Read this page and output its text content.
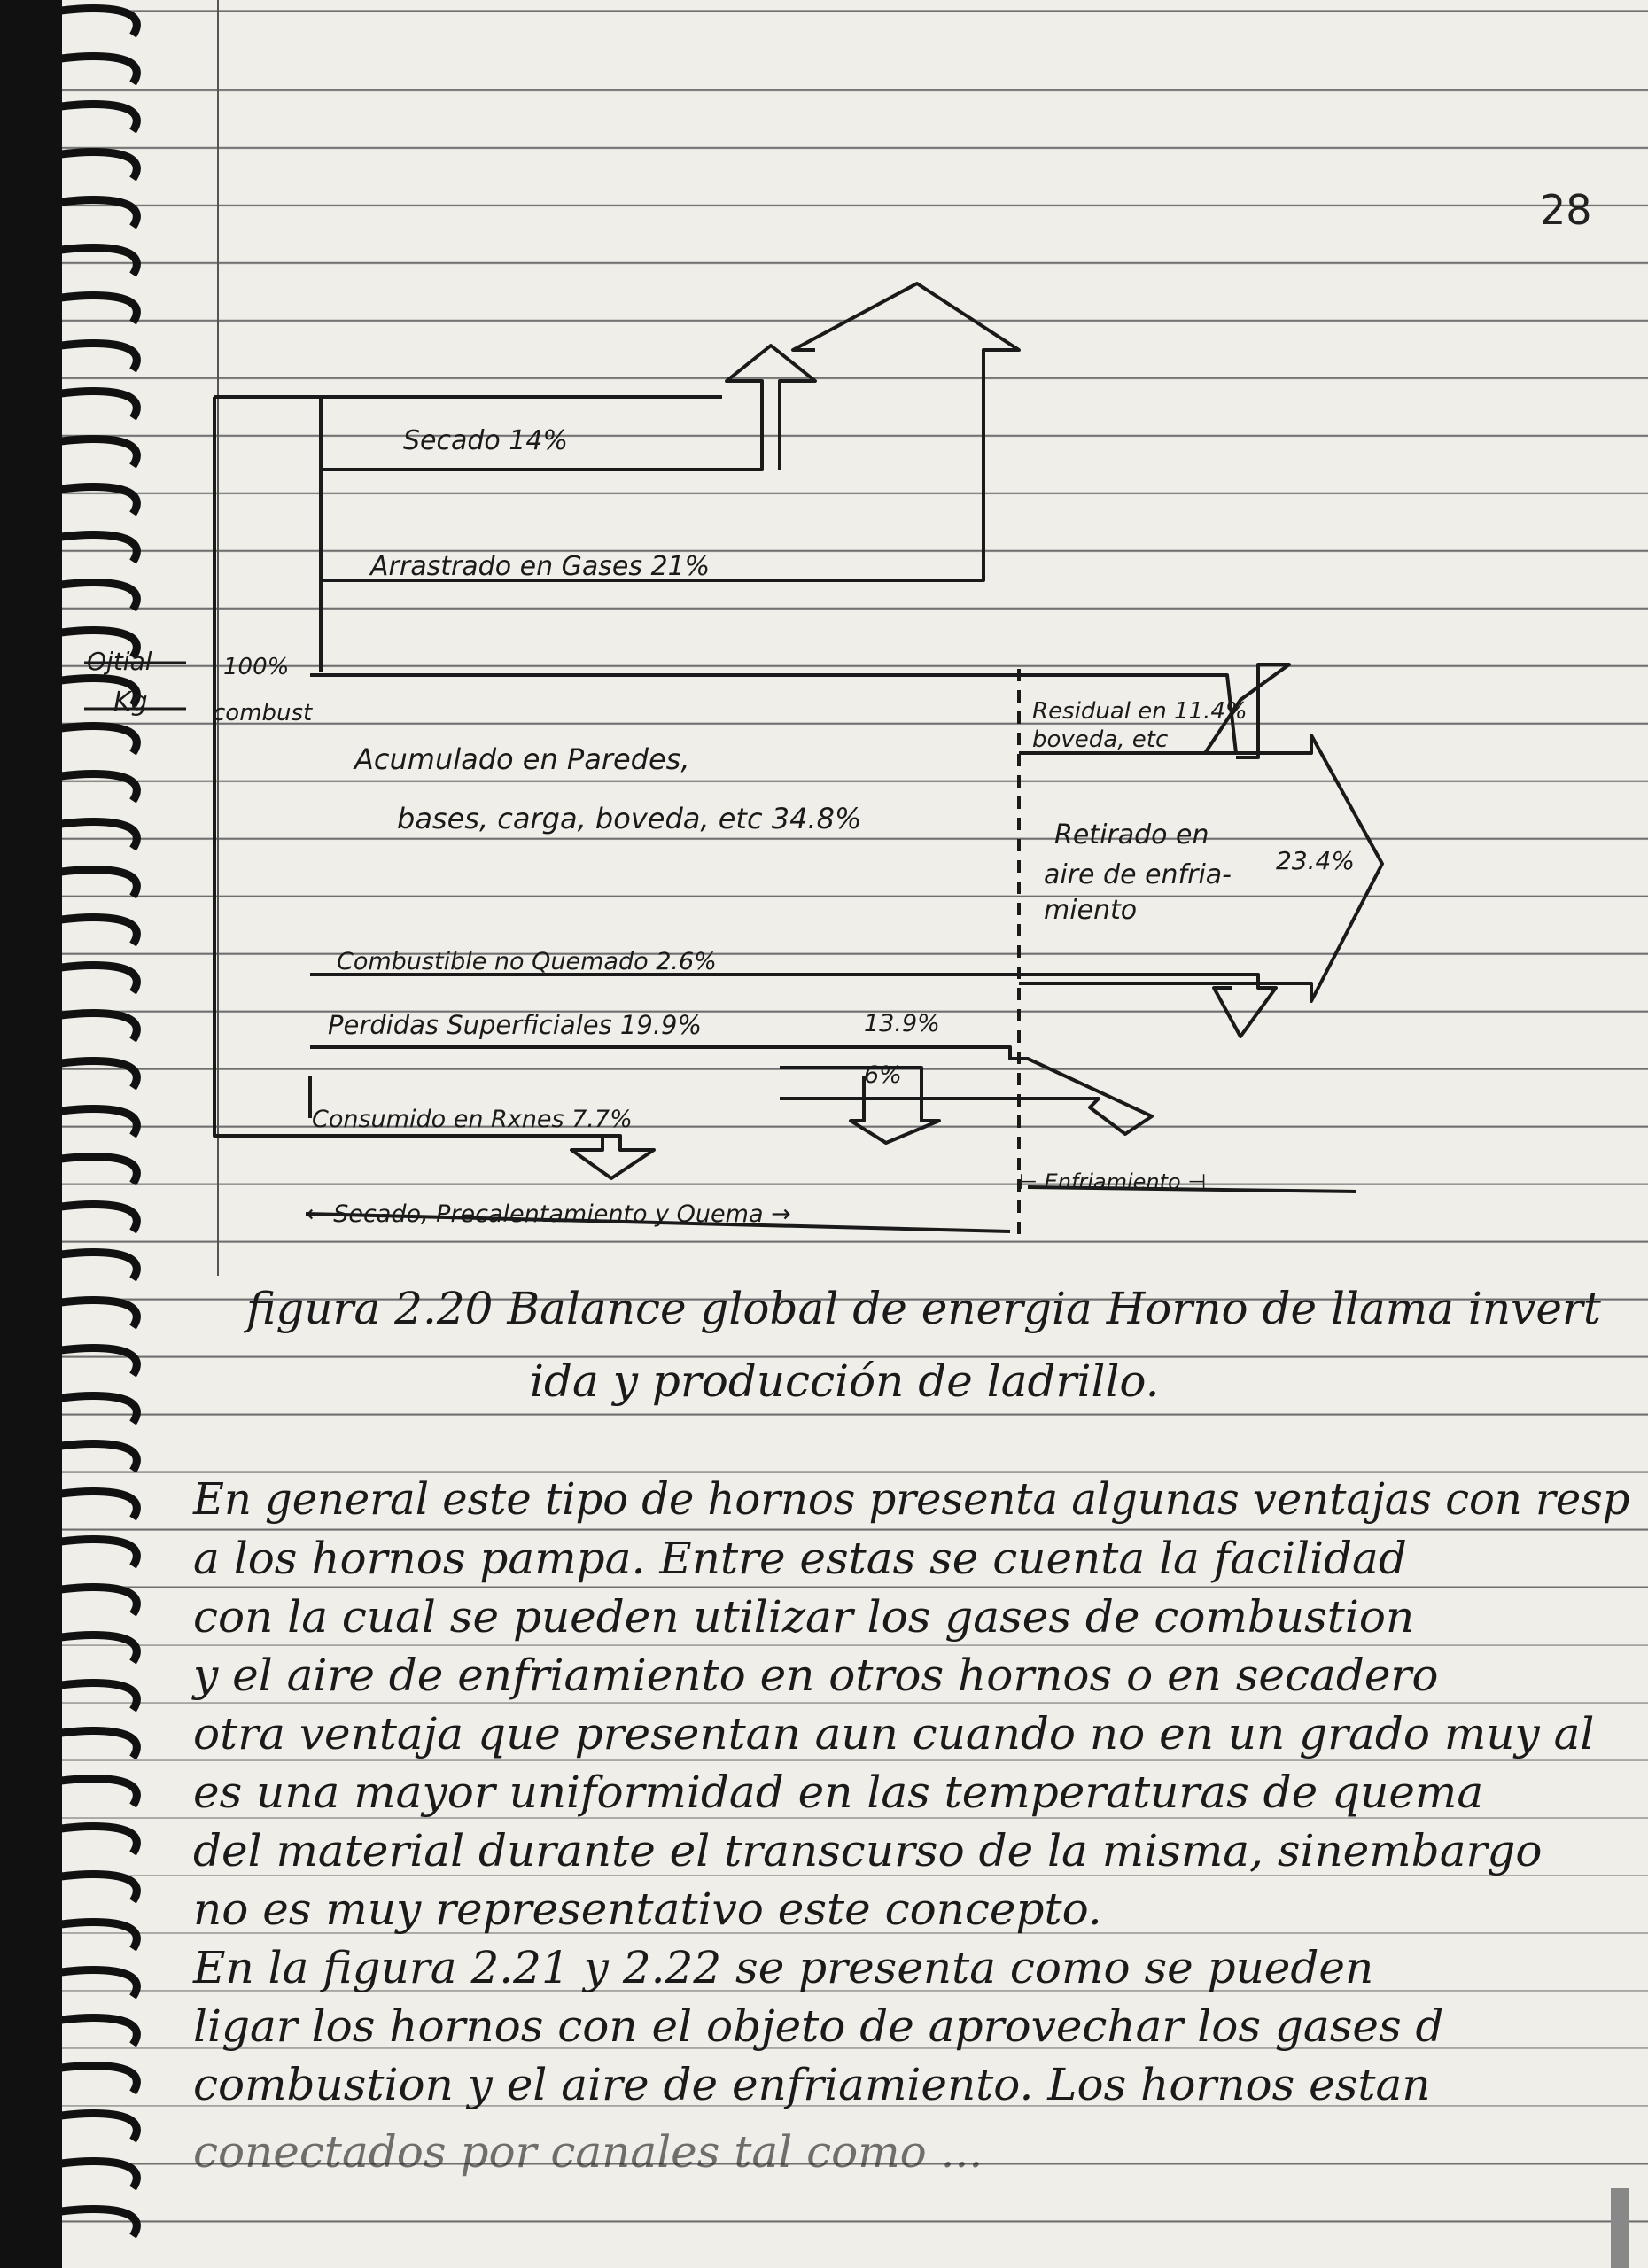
28
Ojtial
Kg
100%
combust
Secado 14%
Arrastrado en Gases 21%
Residual en 11.4%
boveda, etc
Acumulado en Paredes,
bases, carga, boveda, etc 34.8%	Retirado en
aire de enfria-
miento
23.4%
Combustible no Quemado 2.6%
Perdidas Superficiales 19.9%	13.9%
6%
Consumido en Rxnes 7.7%
← Secado, Precalentamiento y Quema →
⊢ Enfriamiento ⊣
figura 2.20 Balance global de energia Horno de llama invert
ida y producción de ladrillo.
En general este tipo de hornos presenta algunas ventajas con resp
a los hornos pampa. Entre estas se cuenta la facilidad
con la cual se pueden utilizar los gases de combustion
y el aire de enfriamiento en otros hornos o en secadero
otra ventaja que presentan aun cuando no en un grado muy al
es una mayor uniformidad en las temperaturas de quema
del material durante el transcurso de la misma, sinembargo
no es muy representativo este concepto.
En la figura 2.21 y 2.22 se presenta como se pueden
ligar los hornos con el objeto de aprovechar los gases d
combustion y el aire de enfriamiento. Los hornos estan
conectados por canales tal como ...
